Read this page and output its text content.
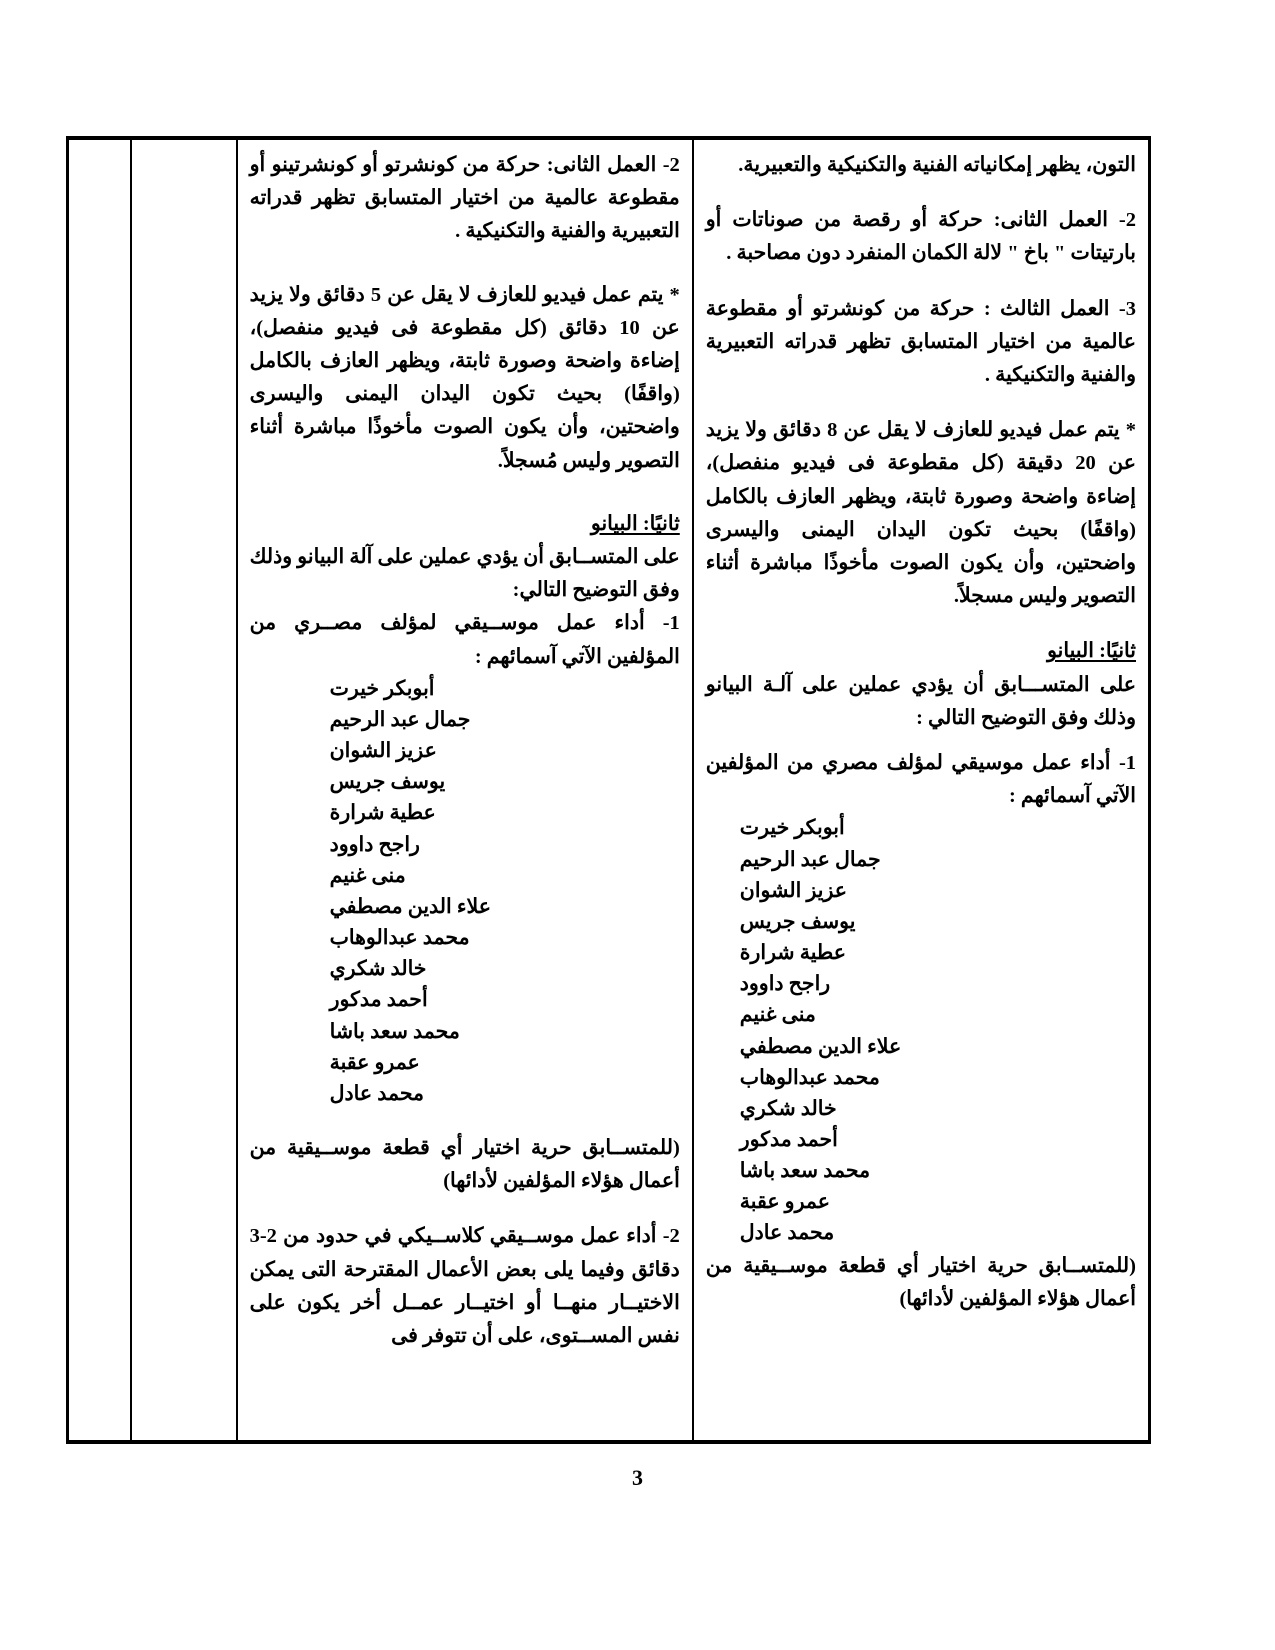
التون، يظهر إمكانياته الفنية والتكنيكية والتعبيرية.

2- العمل الثانى: حركة أو رقصة من صوناتات أو بارتيتات " باخ " لالة الكمان المنفرد دون مصاحبة .

3- العمل الثالث : حركة من كونشرتو أو مقطوعة عالمية من اختيار المتسابق تظهر قدراته التعبيرية والفنية والتكنيكية .

* يتم عمل فيديو للعازف لا يقل عن 8 دقائق ولا يزيد عن 20 دقيقة (كل مقطوعة فى فيديو منفصل)، إضاءة واضحة وصورة ثابتة، ويظهر العازف بالكامل (واقفًا) بحيث تكون اليدان اليمنى واليسرى واضحتين، وأن يكون الصوت مأخوذًا مباشرة أثناء التصوير وليس مسجلاً.

ثانيًا: البيانو

على المتســـابق أن يؤدي عملين على آلـة البيانو وذلك وفق التوضيح التالي :

1- أداء عمل موسيقي لمؤلف مصري من المؤلفين الآتي آسمائهم :

أبوبكر خيرت
جمال عبد الرحيم
عزيز الشوان
يوسف جريس
عطية شرارة
راجح داوود
منى غنيم
علاء الدين مصطفي
محمد عبدالوهاب
خالد شكري
أحمد مدكور
محمد سعد باشا
عمرو عقبة
محمد عادل

(للمتســابق حرية اختيار أي قطعة موســيقية من أعمال هؤلاء المؤلفين لأدائها)

2- العمل الثانى: حركة من كونشرتو أو كونشرتينو أو مقطوعة عالمية من اختيار المتسابق تظهر قدراته التعبيرية والفنية والتكنيكية .

* يتم عمل فيديو للعازف لا يقل عن 5 دقائق ولا يزيد عن 10 دقائق (كل مقطوعة فى فيديو منفصل)، إضاءة واضحة وصورة ثابتة، ويظهر العازف بالكامل (واقفًا) بحيث تكون اليدان اليمنى واليسرى واضحتين، وأن يكون الصوت مأخوذًا مباشرة أثناء التصوير وليس مُسجلاً.

ثانيًا: البيانو

على المتســابق أن يؤدي عملين على آلة البيانو وذلك وفق التوضيح التالي:

1- أداء عمل موســيقي لمؤلف مصــري من المؤلفين الآتي آسمائهم :

أبوبكر خيرت
جمال عبد الرحيم
عزيز الشوان
يوسف جريس
عطية شرارة
راجح داوود
منى غنيم
علاء الدين مصطفي
محمد عبدالوهاب
خالد شكري
أحمد مدكور
محمد سعد باشا
عمرو عقبة
محمد عادل

(للمتســابق حرية اختيار أي قطعة موســيقية من أعمال هؤلاء المؤلفين لأدائها)

2- أداء عمل موســيقي كلاســيكي في حدود من 2-3 دقائق وفيما يلى بعض الأعمال المقترحة التى يمكن الاختيــار منهــا أو اختيــار عمــل أخر يكون على نفس المســتوى، على أن تتوفر فى

3
